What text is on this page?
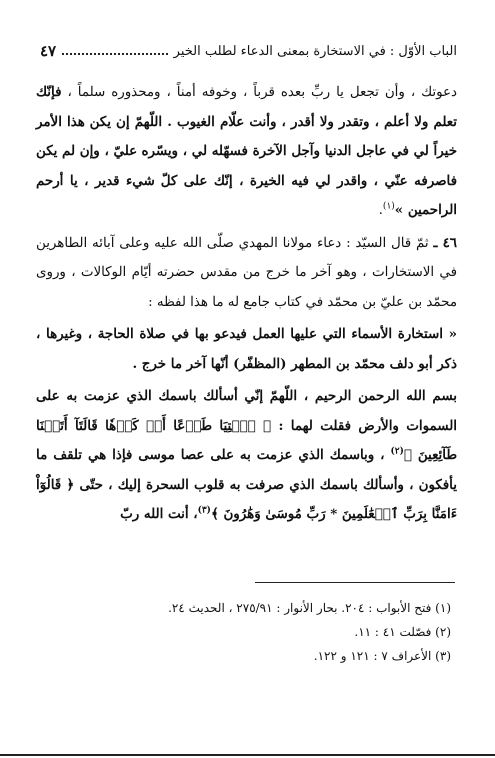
الباب الأوّل : في الاستخارة بمعنى الدعاء لطلب الخير
٤٧

دعوتك ، وأن تجعل يا ربِّ بعده قرباً ، وخوفه أمناً ، ومحذوره سلماً ، فإنّك تعلم ولا أعلم ، وتقدر ولا أقدر ، وأنت علّام الغيوب . اللّهمّ إن يكن هذا الأمر خيراً لي في عاجل الدنيا وآجل الآخرة فسهّله لي ، ويسّره عليّ ، وإن لم يكن فاصرفه عنّي ، واقدر لي فيه الخيرة ، إنّك على كلّ شيء قدير ، يا أرحم الراحمين »$^{(١)}$.

٤٦ ـ ثمّ قال السيّد : دعاء مولانا المهدي صلّى الله عليه وعلى آبائه الطاهرين في الاستخارات ، وهو آخر ما خرج من مقدس حضرته أيّام الوكالات ، وروى محمّد بن عليّ بن محمّد في كتاب جامع له ما هذا لفظه :

« استخارة الأسماء التي عليها العمل فيدعو بها في صلاة الحاجة ، وغيرها ، ذكر أبو دلف محمّد بن المطهر (المظفّر) أنّها آخر ما خرج .

بسم الله الرحمن الرحيم ، اللّهمّ إنّي أسألك باسمك الذي عزمت به على السموات والأرض فقلت لهما : ﴿ ٱئۡتِيَا طَوۡعًا أَوۡ كَرۡهٗا قَالَتَآ أَتَيۡنَا طَآئِعِينَ ﴾$^{(٢)}$ ، وباسمك الذي عزمت به على عصا موسى فإذا هي تلقف ما يأفكون ، وأسألك باسمك الذي صرفت به قلوب السحرة إليك ، حتّى ﴿ قَالُوٓاْ ءَامَنَّا بِرَبِّ ٱلۡعَٰلَمِينَ * رَبِّ مُوسَىٰ وَهَٰرُونَ ﴾$^{(٣)}$، أنت الله ربّ

(١) فتح الأبواب : ٢٠٤. بحار الأنوار : ٢٧٥/٩١ ، الحديث ٢٤.
(٢) فصّلت ٤١ : ١١.
(٣) الأعراف ٧ : ١٢١ و ١٢٢.
